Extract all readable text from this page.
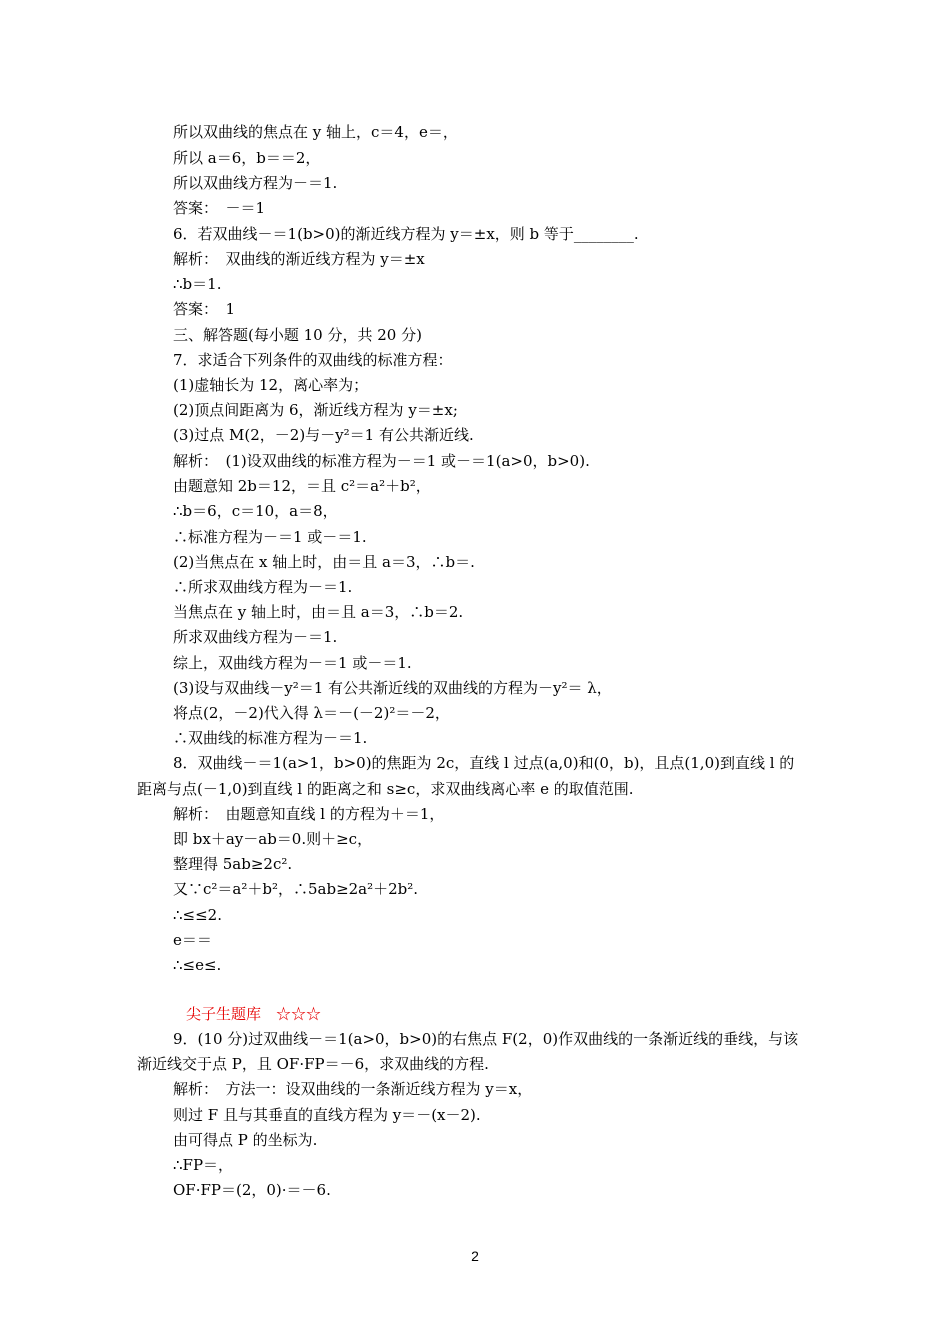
所以双曲线的焦点在 y 轴上，c＝4，e＝，
所以 a＝6，b＝＝2，
所以双曲线方程为－＝1.
答案：　－＝1
6．若双曲线－＝1(b>0)的渐近线方程为 y＝±x，则 b 等于________.
解析：　双曲线的渐近线方程为 y＝±x
∴b＝1.
答案：　1
三、解答题(每小题 10 分，共 20 分)
7．求适合下列条件的双曲线的标准方程：
(1)虚轴长为 12，离心率为；
(2)顶点间距离为 6，渐近线方程为 y＝±x;
(3)过点 M(2，－2)与－y²＝1 有公共渐近线.
解析：　(1)设双曲线的标准方程为－＝1 或－＝1(a>0，b>0).
由题意知 2b＝12，＝且 c²＝a²＋b²，
∴b＝6，c＝10，a＝8，
∴标准方程为－＝1 或－＝1.
(2)当焦点在 x 轴上时，由＝且 a＝3，∴b＝.
∴所求双曲线方程为－＝1.
当焦点在 y 轴上时，由＝且 a＝3，∴b＝2.
所求双曲线方程为－＝1.
综上，双曲线方程为－＝1 或－＝1.
(3)设与双曲线－y²＝1 有公共渐近线的双曲线的方程为－y²＝ λ，
将点(2，－2)代入得 λ＝－(－2)²＝－2，
∴双曲线的标准方程为－＝1.
8．双曲线－＝1(a>1，b>0)的焦距为 2c，直线 l 过点(a,0)和(0，b)，且点(1,0)到直线 l 的
距离与点(－1,0)到直线 l 的距离之和 s≥c，求双曲线离心率 e 的取值范围.
解析：　由题意知直线 l 的方程为＋＝1，
即 bx＋ay－ab＝0.则＋≥c，
整理得 5ab≥2c².
又∵c²＝a²＋b²，∴5ab≥2a²＋2b².
∴≤≤2.
e＝＝
∴≤e≤.
尖子生题库　☆☆☆
9．(10 分)过双曲线－＝1(a>0，b>0)的右焦点 F(2，0)作双曲线的一条渐近线的垂线，与该
渐近线交于点 P，且 OF·FP＝－6，求双曲线的方程.
解析：　方法一：设双曲线的一条渐近线方程为 y＝x，
则过 F 且与其垂直的直线方程为 y＝－(x－2).
由可得点 P 的坐标为.
∴FP＝，
OF·FP＝(2，0)·＝－6.
2
